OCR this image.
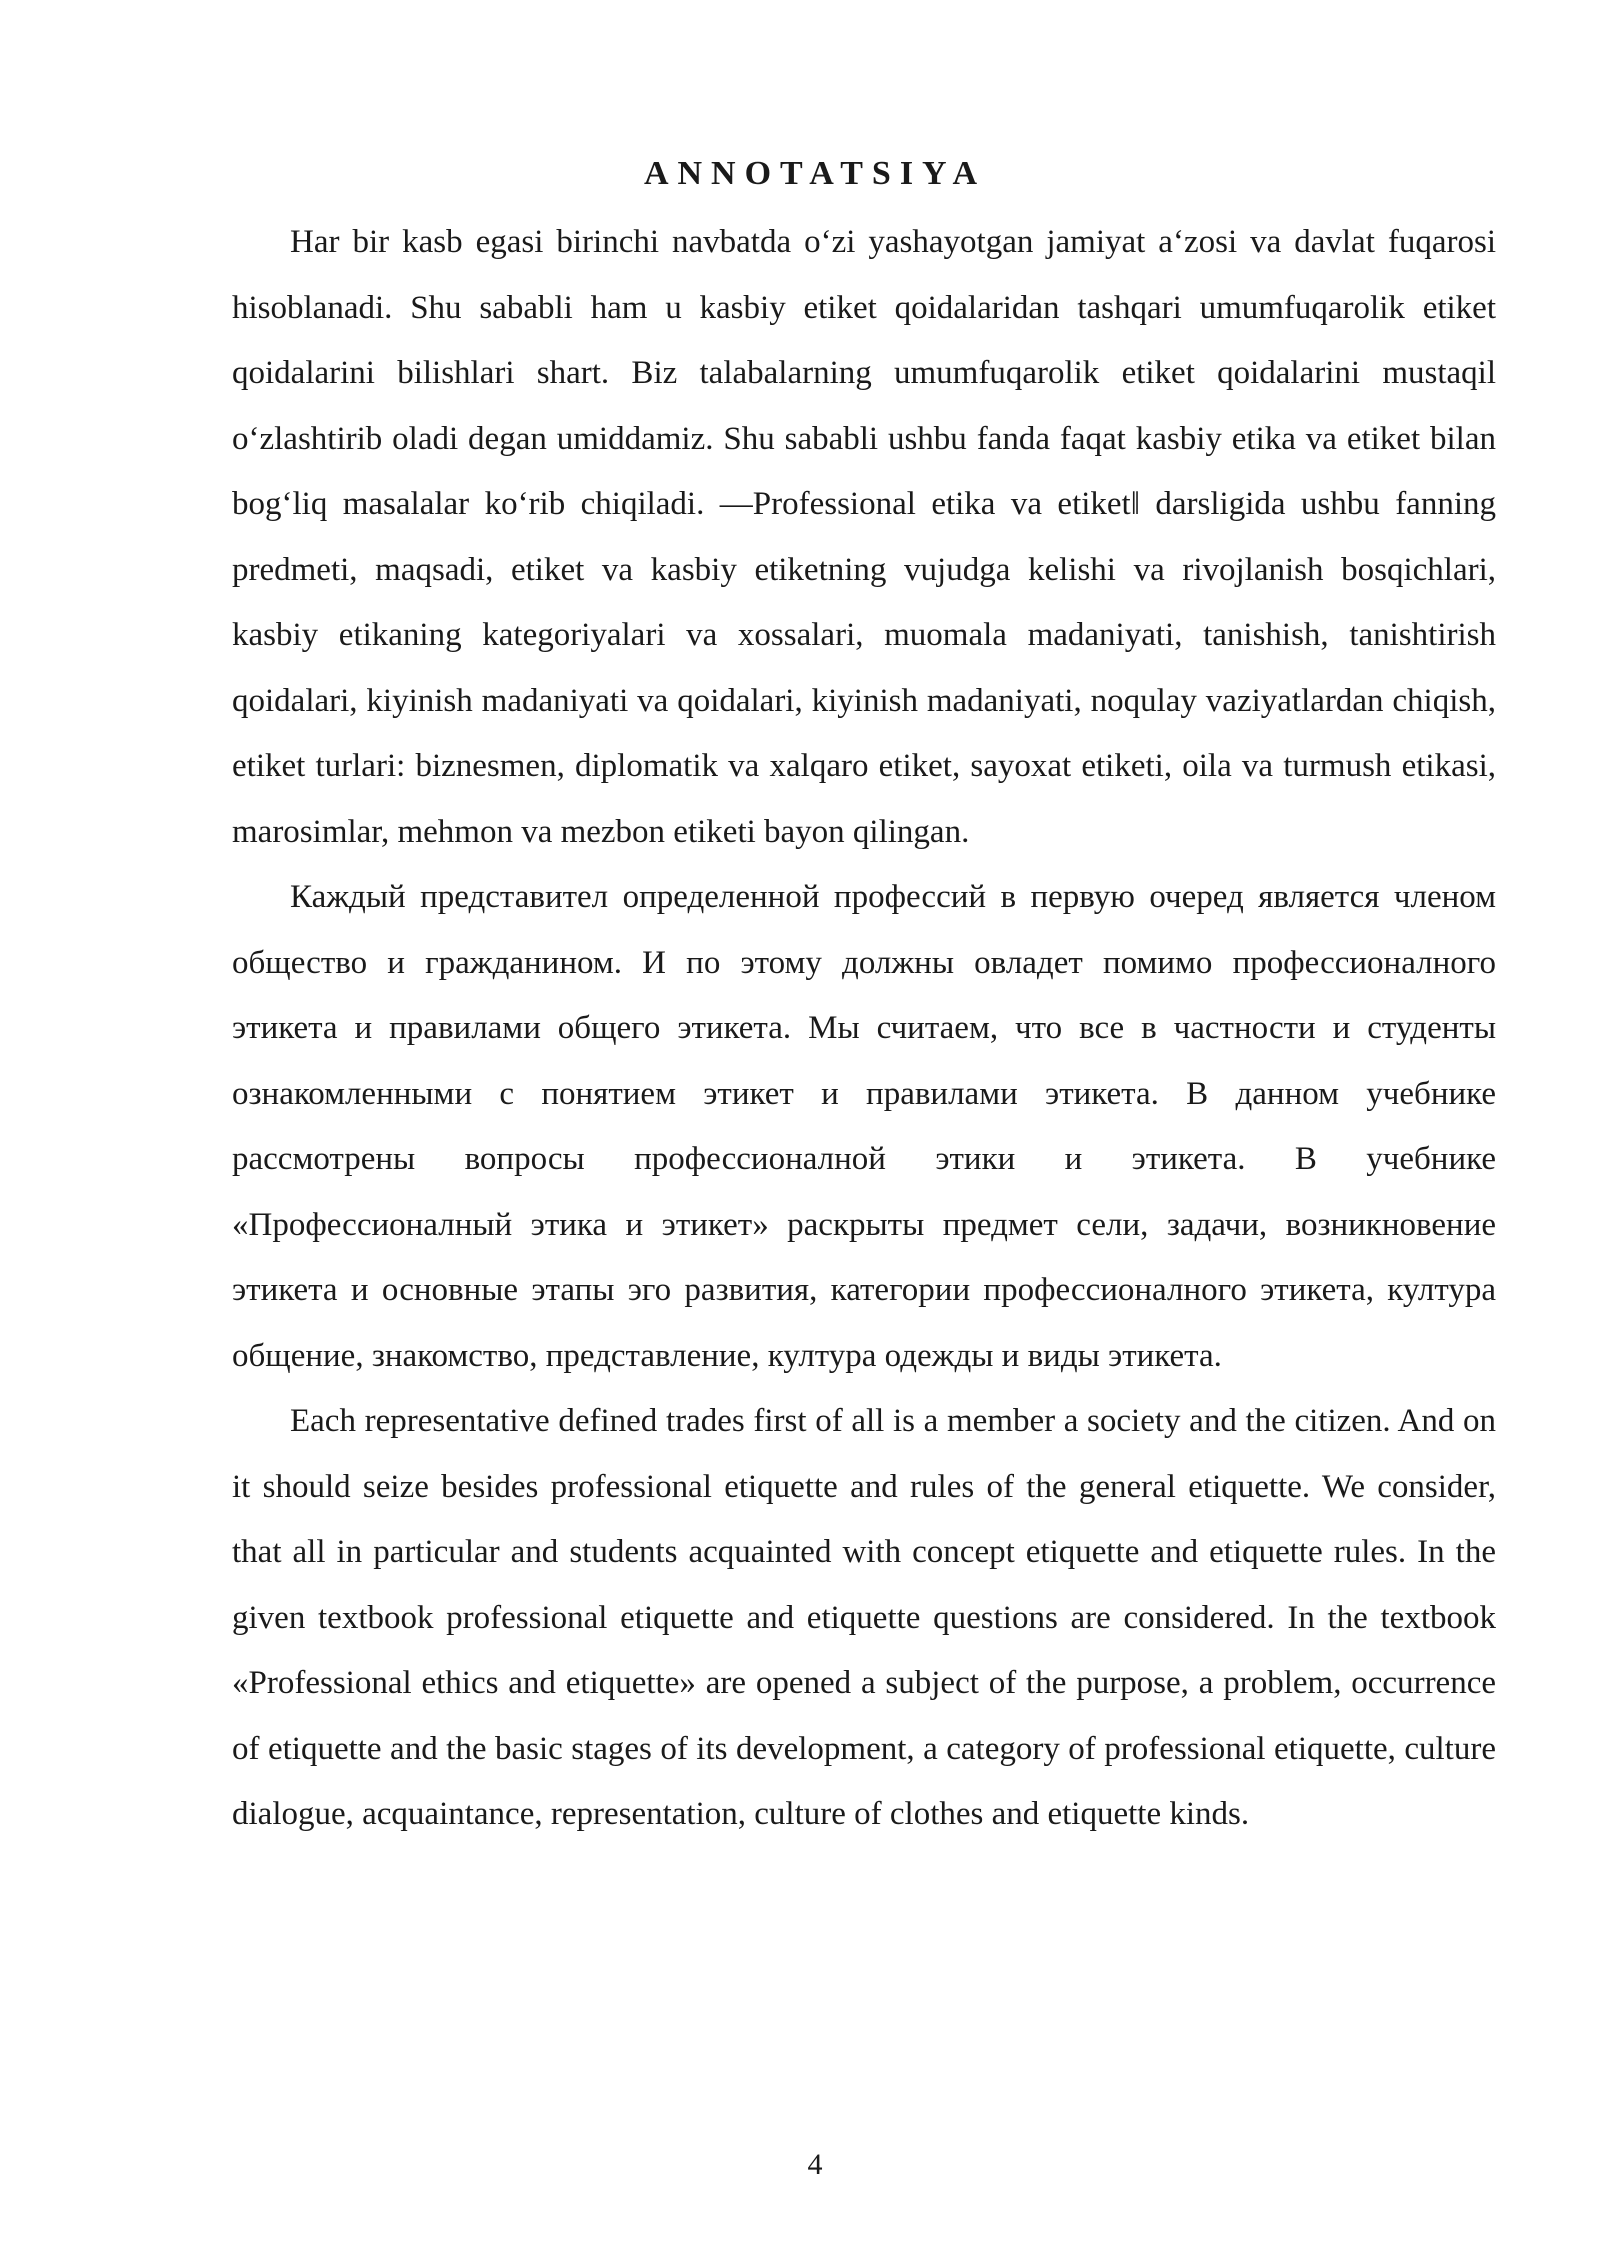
ANNOTATSIYA

Har bir kasb egasi birinchi navbatda o‘zi yashayotgan jamiyat a‘zosi va davlat fuqarosi hisoblanadi. Shu sababli ham u kasbiy etiket qoidalaridan tashqari umumfuqarolik etiket qoidalarini bilishlari shart. Biz talabalarning umumfuqarolik etiket qoidalarini mustaqil o‘zlashtirib oladi degan umiddamiz. Shu sababli ushbu fanda faqat kasbiy etika va etiket bilan bog‘liq masalalar ko‘rib chiqiladi. ―Professional etika va etiket‖ darsligida ushbu fanning predmeti, maqsadi, etiket va kasbiy etiketning vujudga kelishi va rivojlanish bosqichlari, kasbiy etikaning kategoriyalari va xossalari, muomala madaniyati, tanishish, tanishtirish qoidalari, kiyinish madaniyati va qoidalari, kiyinish madaniyati, noqulay vaziyatlardan chiqish, etiket turlari: biznesmen, diplomatik va xalqaro etiket, sayoxat etiketi, oila va turmush etikasi, marosimlar, mehmon va mezbon etiketi bayon qilingan.

Каждый представител определенной профессий в первую очеред является членом общество и гражданином. И по этому должны овладет помимо професcионалного этикета и правилами общего этикета. Мы считаем, что все в частности и студенты ознакомленными с понятием этикет и правилами этикета. В данном учебнике рассмотрены вопросы професcионалной этики и этикета. В учебнике «Професcионалный этика и этикет» раскрыты предмет сели, задачи, возникновение этикета и основные этапы эго развития, категории профессионалного этикета, култура общение, знакомство, представление, култура одежды и виды этикета.

Each representative defined trades first of all is a member a society and the citizen. And on it should seize besides professional etiquette and rules of the general etiquette. We consider, that all in particular and students acquainted with concept etiquette and etiquette rules. In the given textbook professional etiquette and etiquette questions are considered. In the textbook «Professional ethics and etiquette» are opened a subject of the purpose, a problem, occurrence of etiquette and the basic stages of its development, a category of professional etiquette, culture dialogue, acquaintance, representation, culture of clothes and etiquette kinds.

4
